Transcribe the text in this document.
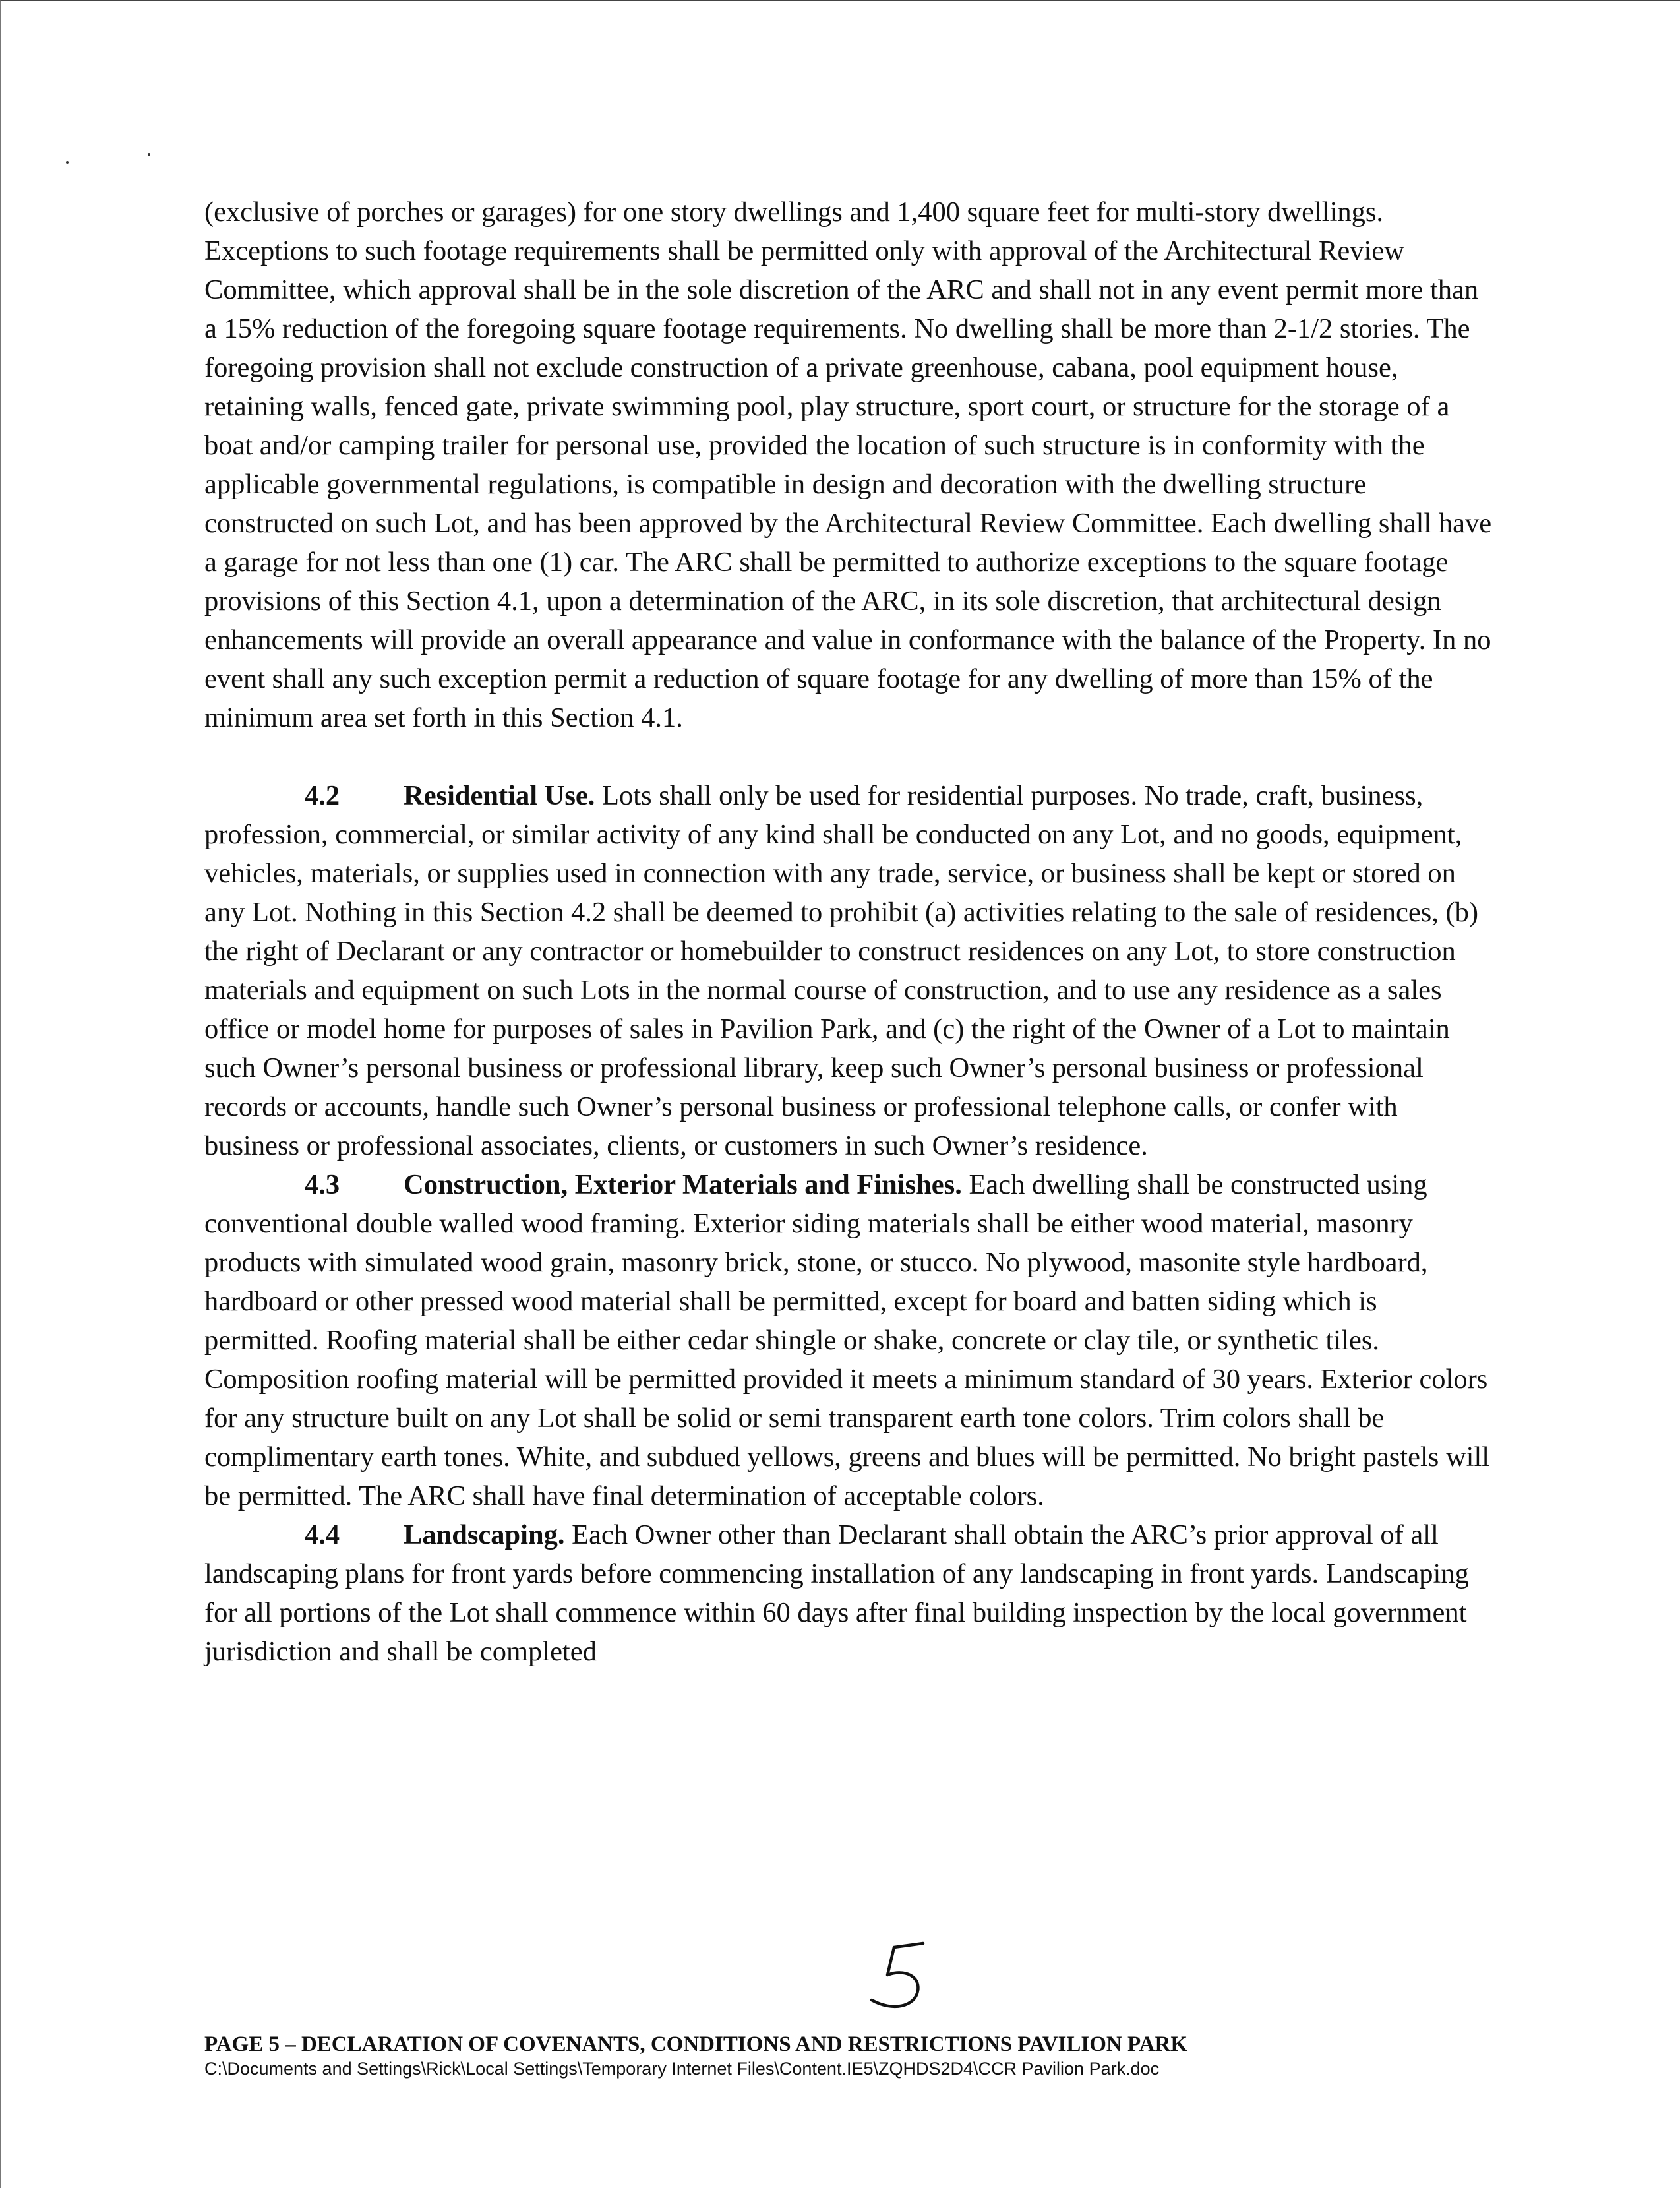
(exclusive of porches or garages) for one story dwellings and 1,400 square feet for multi-story dwellings. Exceptions to such footage requirements shall be permitted only with approval of the Architectural Review Committee, which approval shall be in the sole discretion of the ARC and shall not in any event permit more than a 15% reduction of the foregoing square footage requirements. No dwelling shall be more than 2-1/2 stories. The foregoing provision shall not exclude construction of a private greenhouse, cabana, pool equipment house, retaining walls, fenced gate, private swimming pool, play structure, sport court, or structure for the storage of a boat and/or camping trailer for personal use, provided the location of such structure is in conformity with the applicable governmental regulations, is compatible in design and decoration with the dwelling structure constructed on such Lot, and has been approved by the Architectural Review Committee. Each dwelling shall have a garage for not less than one (1) car. The ARC shall be permitted to authorize exceptions to the square footage provisions of this Section 4.1, upon a determination of the ARC, in its sole discretion, that architectural design enhancements will provide an overall appearance and value in conformance with the balance of the Property. In no event shall any such exception permit a reduction of square footage for any dwelling of more than 15% of the minimum area set forth in this Section 4.1.

4.2 Residential Use. Lots shall only be used for residential purposes. No trade, craft, business, profession, commercial, or similar activity of any kind shall be conducted on any Lot, and no goods, equipment, vehicles, materials, or supplies used in connection with any trade, service, or business shall be kept or stored on any Lot. Nothing in this Section 4.2 shall be deemed to prohibit (a) activities relating to the sale of residences, (b) the right of Declarant or any contractor or homebuilder to construct residences on any Lot, to store construction materials and equipment on such Lots in the normal course of construction, and to use any residence as a sales office or model home for purposes of sales in Pavilion Park, and (c) the right of the Owner of a Lot to maintain such Owner’s personal business or professional library, keep such Owner’s personal business or professional records or accounts, handle such Owner’s personal business or professional telephone calls, or confer with business or professional associates, clients, or customers in such Owner’s residence.

4.3 Construction, Exterior Materials and Finishes. Each dwelling shall be constructed using conventional double walled wood framing. Exterior siding materials shall be either wood material, masonry products with simulated wood grain, masonry brick, stone, or stucco. No plywood, masonite style hardboard, hardboard or other pressed wood material shall be permitted, except for board and batten siding which is permitted. Roofing material shall be either cedar shingle or shake, concrete or clay tile, or synthetic tiles. Composition roofing material will be permitted provided it meets a minimum standard of 30 years. Exterior colors for any structure built on any Lot shall be solid or semi transparent earth tone colors. Trim colors shall be complimentary earth tones. White, and subdued yellows, greens and blues will be permitted. No bright pastels will be permitted. The ARC shall have final determination of acceptable colors.

4.4 Landscaping. Each Owner other than Declarant shall obtain the ARC’s prior approval of all landscaping plans for front yards before commencing installation of any landscaping in front yards. Landscaping for all portions of the Lot shall commence within 60 days after final building inspection by the local government jurisdiction and shall be completed

PAGE 5 – DECLARATION OF COVENANTS, CONDITIONS AND RESTRICTIONS PAVILION PARK
C:\Documents and Settings\Rick\Local Settings\Temporary Internet Files\Content.IE5\ZQHDS2D4\CCR Pavilion Park.doc
